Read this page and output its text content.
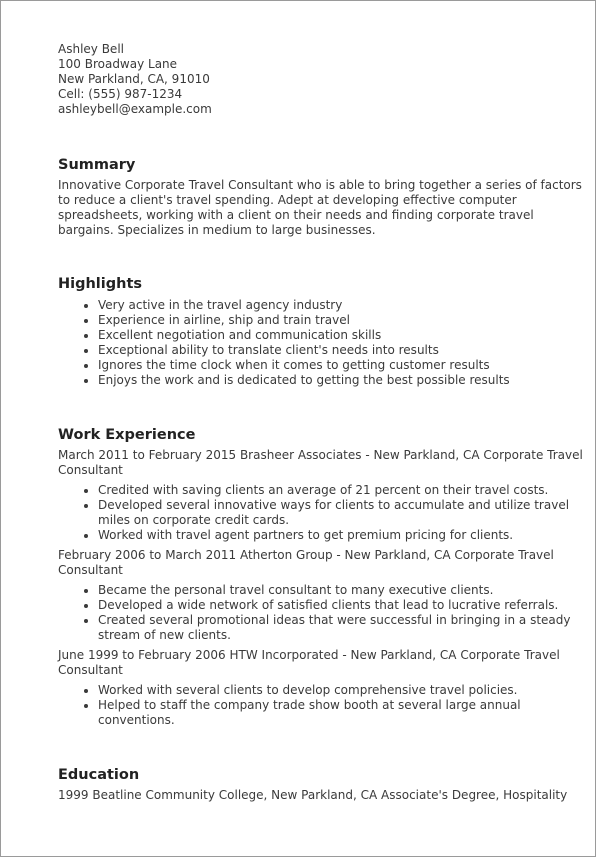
Ashley Bell
100 Broadway Lane
New Parkland, CA, 91010
Cell: (555) 987-1234
ashleybell@example.com
Summary

Innovative Corporate Travel Consultant who is able to bring together a series of factors to reduce a client's travel spending. Adept at developing effective computer spreadsheets, working with a client on their needs and finding corporate travel bargains. Specializes in medium to large businesses.

Highlights
• Very active in the travel agency industry
• Experience in airline, ship and train travel
• Excellent negotiation and communication skills
• Exceptional ability to translate client's needs into results
• Ignores the time clock when it comes to getting customer results
• Enjoys the work and is dedicated to getting the best possible results
Work Experience

March 2011 to February 2015 Brasheer Associates - New Parkland, CA Corporate Travel Consultant

• Credited with saving clients an average of 21 percent on their travel costs.
• Developed several innovative ways for clients to accumulate and utilize travel miles on corporate credit cards.
• Worked with travel agent partners to get premium pricing for clients.

February 2006 to March 2011 Atherton Group - New Parkland, CA Corporate Travel Consultant

• Became the personal travel consultant to many executive clients.
• Developed a wide network of satisfied clients that lead to lucrative referrals.
• Created several promotional ideas that were successful in bringing in a steady stream of new clients.

June 1999 to February 2006 HTW Incorporated - New Parkland, CA Corporate Travel Consultant

• Worked with several clients to develop comprehensive travel policies.
• Helped to staff the company trade show booth at several large annual conventions.
Education

1999 Beatline Community College, New Parkland, CA Associate's Degree, Hospitality
